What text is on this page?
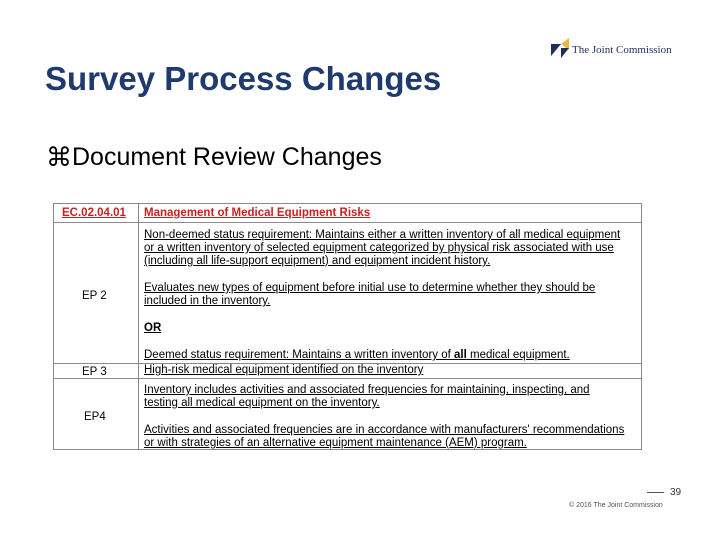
The Joint Commission
Survey Process Changes
⌘ Document Review Changes
EC.02.04.01 Management of Medical Equipment Risks
EP 2
EP 3
EP4
Non-deemed status requirement: Maintains either a written inventory of all medical equipment
or a written inventory of selected equipment categorized by physical risk associated with use
(including all life-support equipment) and equipment incident history.
Evaluates new types of equipment before initial use to determine whether they should be
included in the inventory.
OR
Deemed status requirement: Maintains a written inventory of all medical equipment.
High-risk medical equipment identified on the inventory
Inventory includes activities and associated frequencies for maintaining, inspecting, and
testing all medical equipment on the inventory.
Activities and associated frequencies are in accordance with manufacturers' recommendations
or with strategies of an alternative equipment maintenance (AEM) program.
39
© 2016 The Joint Commission
